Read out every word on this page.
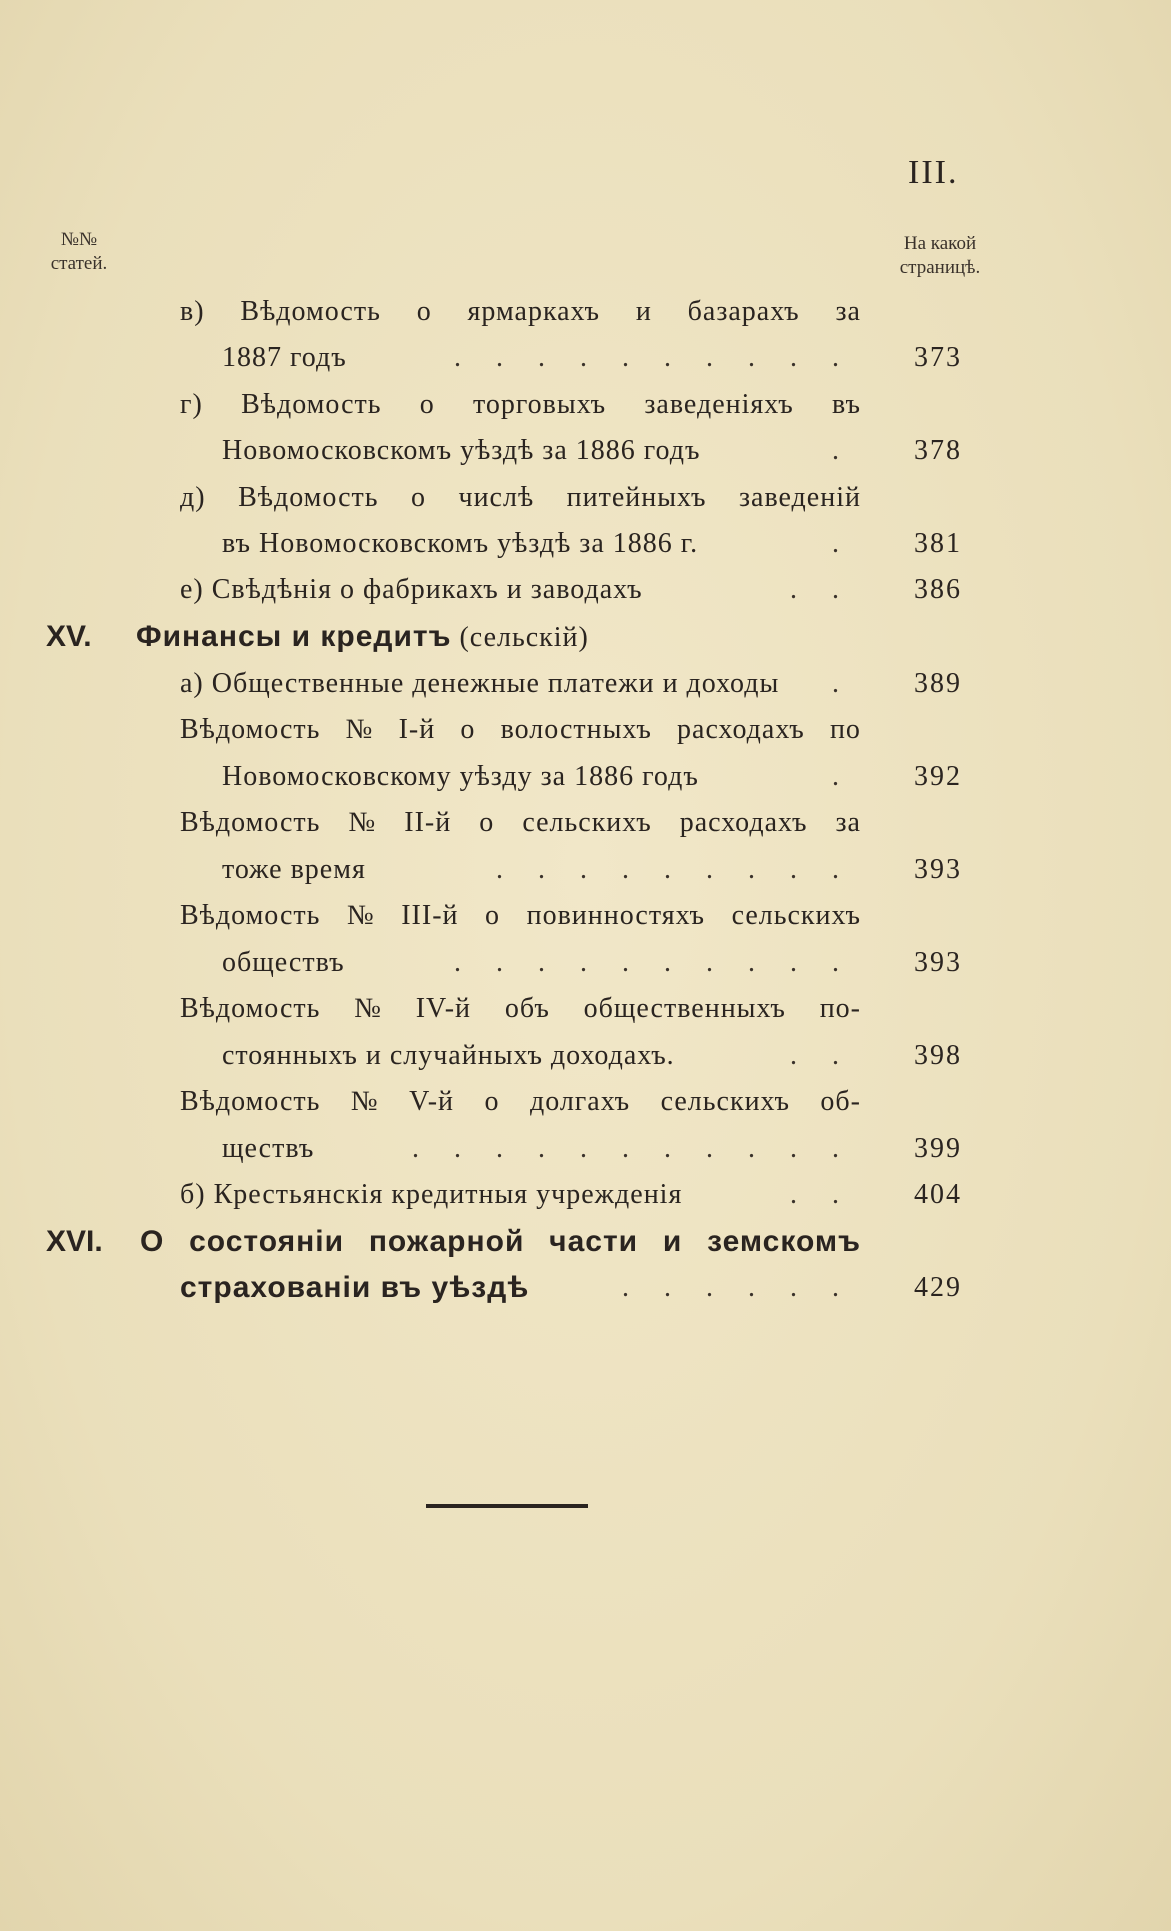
III.
№№
статей.
На какой
страницѣ.
в) Вѣдомость о ярмаркахъ и базарахъ за
1887 годъ	. . . . . . . . . .	373
г) Вѣдомость о торговыхъ заведеніяхъ въ
Новомосковскомъ уѣздѣ за 1886 годъ	.	378
д) Вѣдомость о числѣ питейныхъ заведеній
въ Новомосковскомъ уѣздѣ за 1886 г.	.	381
е) Свѣдѣнія о фабрикахъ и заводахъ	. .	386
XV. Финансы и кредитъ (сельскій)
а) Общественные денежные платежи и доходы .	389
Вѣдомость № I-й о волостныхъ расходахъ по
Новомосковскому уѣзду за 1886 годъ	.	392
Вѣдомость № II-й о сельскихъ расходахъ за
тоже время	. . . . . . . . .	393
Вѣдомость № III-й о повинностяхъ сельскихъ
обществъ	. . . . . . . . . .	393
Вѣдомость № IV-й объ общественныхъ по-
стоянныхъ и случайныхъ доходахъ.	. .	398
Вѣдомость № V-й о долгахъ сельскихъ об-
ществъ	. . . . . . . . . . .	399
б) Крестьянскія кредитныя учрежденія	. .	404
XVI. О состояніи пожарной части и земскомъ
страхованіи въ уѣздѣ	. . . . . .	429
